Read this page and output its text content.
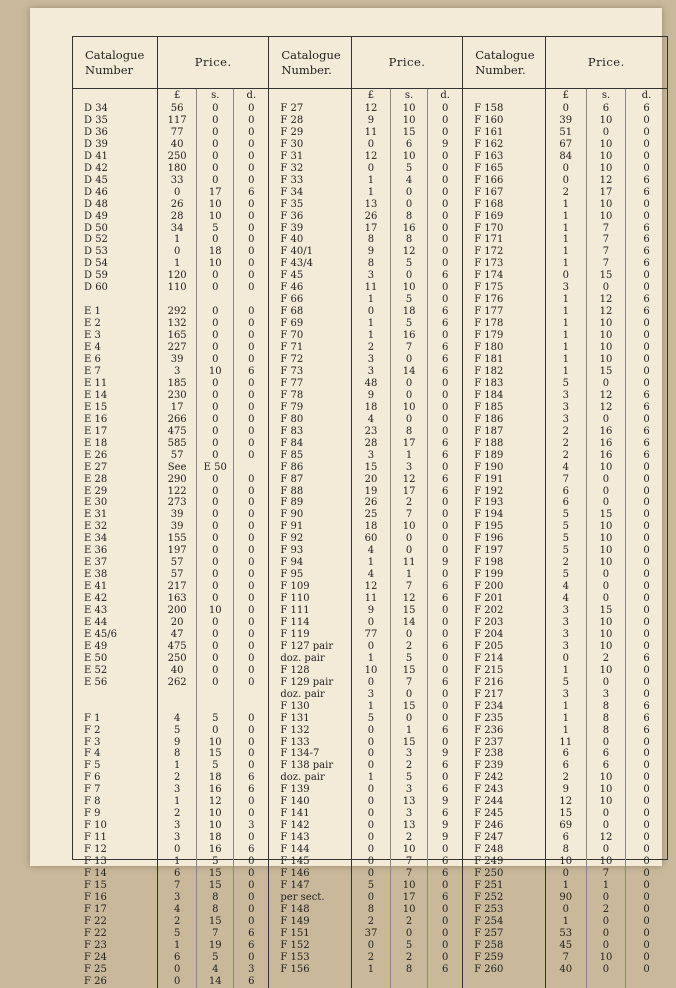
Catalogue
Number	Price.			Catalogue
Number.	Price.			Catalogue
Number.	Price.		
	£	s.	d.		£	s.	d.		£	s.	d.
D 34	56	0	0	F 27	12	10	0	F 158	0	6	6
D 35	117	0	0	F 28	9	10	0	F 160	39	10	0
D 36	77	0	0	F 29	11	15	0	F 161	51	0	0
D 39	40	0	0	F 30	0	6	9	F 162	67	10	0
D 41	250	0	0	F 31	12	10	0	F 163	84	10	0
D 42	180	0	0	F 32	0	5	0	F 165	0	10	0
D 45	33	0	0	F 33	1	4	0	F 166	0	12	6
D 46	0	17	6	F 34	1	0	0	F 167	2	17	6
D 48	26	10	0	F 35	13	0	0	F 168	1	10	0
D 49	28	10	0	F 36	26	8	0	F 169	1	10	0
D 50	34	5	0	F 39	17	16	0	F 170	1	7	6
D 52	1	0	0	F 40	8	8	0	F 171	1	7	6
D 53	0	18	0	F 40/1	9	12	0	F 172	1	7	6
D 54	1	10	0	F 43/4	8	5	0	F 173	1	7	6
D 59	120	0	0	F 45	3	0	6	F 174	0	15	0
D 60	110	0	0	F 46	11	10	0	F 175	3	0	0
				F 66	1	5	0	F 176	1	12	6
E 1	292	0	0	F 68	0	18	6	F 177	1	12	6
E 2	132	0	0	F 69	1	5	6	F 178	1	10	0
E 3	165	0	0	F 70	1	16	0	F 179	1	10	0
E 4	227	0	0	F 71	2	7	6	F 180	1	10	0
E 6	39	0	0	F 72	3	0	6	F 181	1	10	0
E 7	3	10	6	F 73	3	14	6	F 182	1	15	0
E 11	185	0	0	F 77	48	0	0	F 183	5	0	0
E 14	230	0	0	F 78	9	0	0	F 184	3	12	6
E 15	17	0	0	F 79	18	10	0	F 185	3	12	6
E 16	266	0	0	F 80	4	0	0	F 186	3	0	0
E 17	475	0	0	F 83	23	8	0	F 187	2	16	6
E 18	585	0	0	F 84	28	17	6	F 188	2	16	6
E 26	57	0	0	F 85	3	1	6	F 189	2	16	6
E 27	See	E 50		F 86	15	3	0	F 190	4	10	0
E 28	290	0	0	F 87	20	12	6	F 191	7	0	0
E 29	122	0	0	F 88	19	17	6	F 192	6	0	0
E 30	273	0	0	F 89	26	2	0	F 193	6	0	0
E 31	39	0	0	F 90	25	7	0	F 194	5	15	0
E 32	39	0	0	F 91	18	10	0	F 195	5	10	0
E 34	155	0	0	F 92	60	0	0	F 196	5	10	0
E 36	197	0	0	F 93	4	0	0	F 197	5	10	0
E 37	57	0	0	F 94	1	11	9	F 198	2	10	0
E 38	57	0	0	F 95	4	1	0	F 199	5	0	0
E 41	217	0	0	F 109	12	7	6	F 200	4	0	0
E 42	163	0	0	F 110	11	12	6	F 201	4	0	0
E 43	200	10	0	F 111	9	15	0	F 202	3	15	0
E 44	20	0	0	F 114	0	14	0	F 203	3	10	0
E 45/6	47	0	0	F 119	77	0	0	F 204	3	10	0
E 49	475	0	0	F 127 pair	0	2	6	F 205	3	10	0
E 50	250	0	0	doz. pair	1	5	0	F 214	0	2	6
E 52	40	0	0	F 128	10	15	0	F 215	1	10	0
E 56	262	0	0	F 129 pair	0	7	6	F 216	5	0	0
				doz. pair	3	0	0	F 217	3	3	0
				F 130	1	15	0	F 234	1	8	6
F 1	4	5	0	F 131	5	0	0	F 235	1	8	6
F 2	5	0	0	F 132	0	1	6	F 236	1	8	6
F 3	9	10	0	F 133	0	15	0	F 237	11	0	0
F 4	8	15	0	F 134-7	0	3	9	F 238	6	6	0
F 5	1	5	0	F 138 pair	0	2	6	F 239	6	6	0
F 6	2	18	6	doz. pair	1	5	0	F 242	2	10	0
F 7	3	16	6	F 139	0	3	6	F 243	9	10	0
F 8	1	12	0	F 140	0	13	9	F 244	12	10	0
F 9	2	10	0	F 141	0	3	6	F 245	15	0	0
F 10	3	10	3	F 142	0	13	9	F 246	69	0	0
F 11	3	18	0	F 143	0	2	9	F 247	6	12	0
F 12	0	16	6	F 144	0	10	0	F 248	8	0	0
F 13	1	5	0	F 145	0	7	6	F 249	10	10	0
F 14	6	15	0	F 146	0	7	6	F 250	0	7	0
F 15	7	15	0	F 147	5	10	0	F 251	1	1	0
F 16	3	8	0	per sect.	0	17	6	F 252	90	0	0
F 17	4	8	0	F 148	8	10	0	F 253	0	2	0
F 22	2	15	0	F 149	2	2	0	F 254	1	0	0
F 22	5	7	6	F 151	37	0	0	F 257	53	0	0
F 23	1	19	6	F 152	0	5	0	F 258	45	0	0
F 24	6	5	0	F 153	2	2	0	F 259	7	10	0
F 25	0	4	3	F 156	1	8	6	F 260	40	0	0
F 26	0	14	6								
